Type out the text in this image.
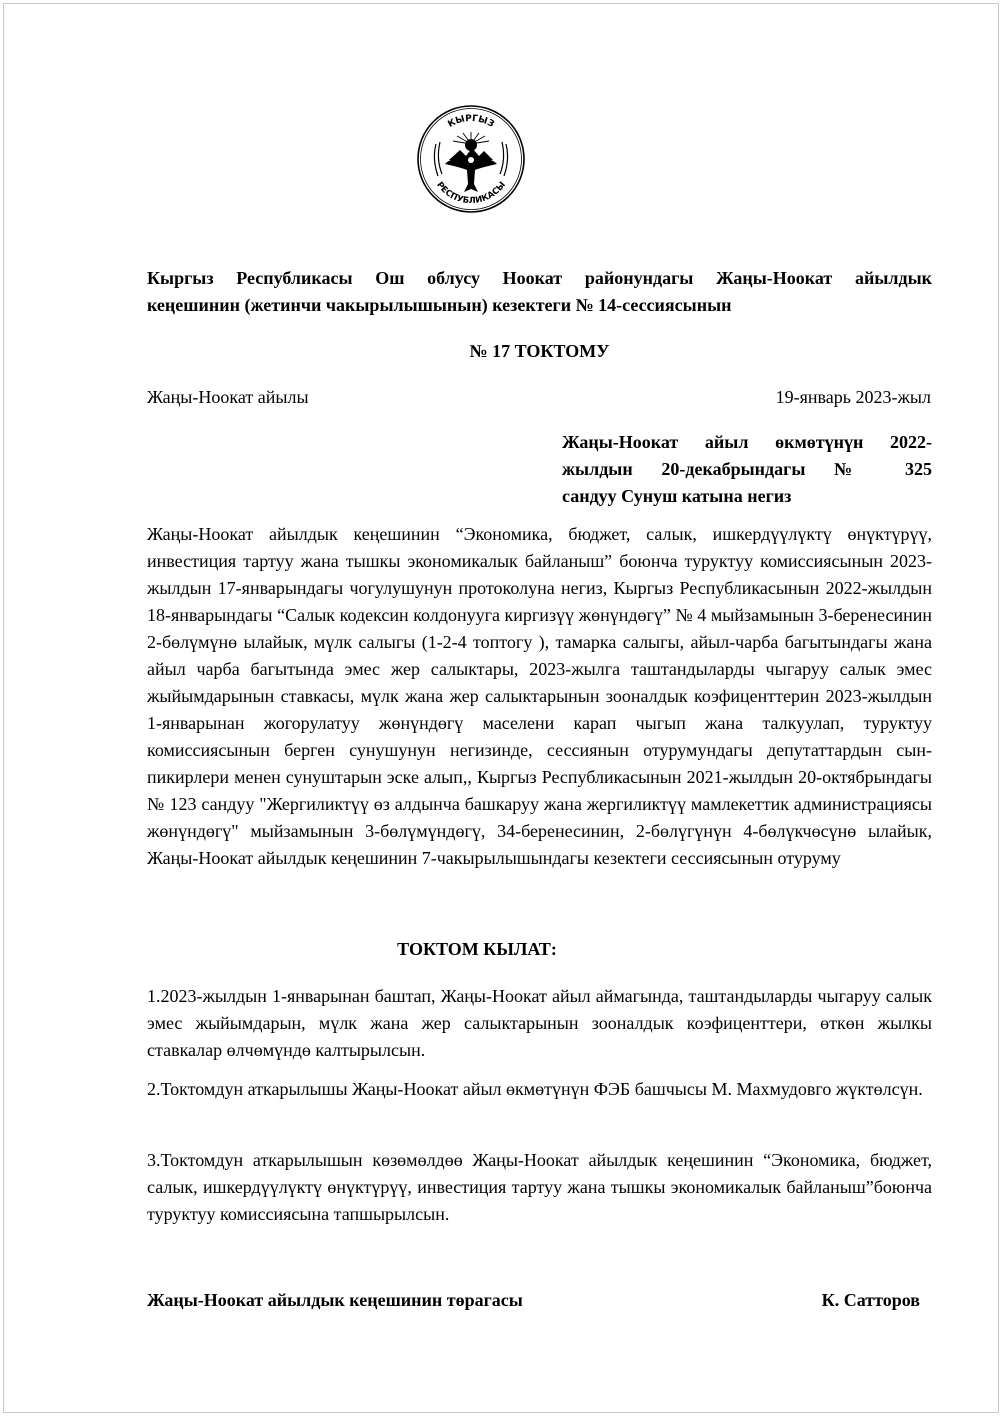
КЫРГЫЗ
РЕСПУБЛИКАСЫ
Кыргыз Республикасы Ош облусу Ноокат районундагы Жаңы-Ноокат айылдык
кеңешинин (жетинчи чакырылышынын) кезектеги № 14-сессиясынын
№ 17 ТОКТОМУ
Жаңы-Ноокат айылы	19-январь 2023-жыл
Жаңы-Ноокат айыл өкмөтүнүн 2022-
жылдын 20-декабрындагы № 325
сандуу Сунуш катына негиз
Жаңы-Ноокат айылдык кеңешинин “Экономика, бюджет, салык, ишкердүүлүктү өнүктүрүү, инвестиция тартуу жана тышкы экономикалык байланыш” боюнча туруктуу комиссиясынын 2023-жылдын 17-январындагы чогулушунун протоколуна негиз, Кыргыз Республикасынын 2022-жылдын 18-январындагы “Салык кодексин колдонууга киргизүү жөнүндөгү” № 4 мыйзамынын 3-беренесинин 2-бөлүмүнө ылайык, мүлк салыгы (1-2-4 топтогу ), тамарка салыгы, айыл-чарба багытындагы жана айыл чарба багытында эмес жер салыктары, 2023-жылга таштандыларды чыгаруу салык эмес жыйымдарынын ставкасы, мүлк жана жер салыктарынын зооналдык коэфиценттерин 2023-жылдын 1-январынан жогорулатуу жөнүндөгү маселени карап чыгып жана талкуулап, туруктуу комиссиясынын берген сунушунун негизинде, сессиянын отурумундагы депутаттардын сын-пикирлери менен сунуштарын эске алып,, Кыргыз Республикасынын 2021-жылдын 20-октябрындагы № 123 сандуу "Жергиликтүү өз алдынча башкаруу жана жергиликтүү мамлекеттик администрациясы жөнүндөгү" мыйзамынын 3-бөлүмүндөгү, 34-беренесинин, 2-бөлүгүнүн 4-бөлүкчөсүнө ылайык, Жаңы-Ноокат айылдык кеңешинин 7-чакырылышындагы кезектеги сессиясынын отуруму
ТОКТОМ КЫЛАТ:
1.2023-жылдын 1-январынан баштап, Жаңы-Ноокат айыл аймагында, таштандыларды чыгаруу салык эмес жыйымдарын, мүлк жана жер салыктарынын зооналдык коэфиценттери, өткөн жылкы ставкалар өлчөмүндө калтырылсын.
2.Токтомдун аткарылышы Жаңы-Ноокат айыл өкмөтүнүн ФЭБ башчысы М. Махмудовго жүктөлсүн.
3.Токтомдун аткарылышын көзөмөлдөө Жаңы-Ноокат айылдык кеңешинин “Экономика, бюджет, салык, ишкердүүлүктү өнүктүрүү, инвестиция тартуу жана тышкы экономикалык байланыш”боюнча туруктуу комиссиясына тапшырылсын.
Жаңы-Ноокат айылдык кеңешинин төрагасы	К. Сатторов
